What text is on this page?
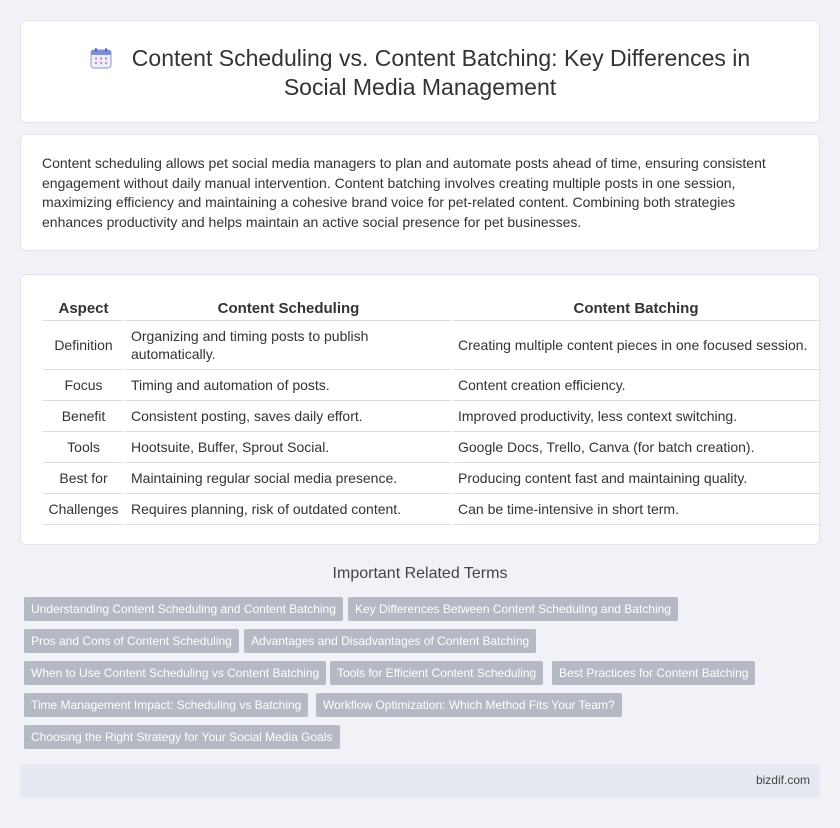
Content Scheduling vs. Content Batching: Key Differences in Social Media Management

Content scheduling allows pet social media managers to plan and automate posts ahead of time, ensuring consistent engagement without daily manual intervention. Content batching involves creating multiple posts in one session, maximizing efficiency and maintaining a cohesive brand voice for pet-related content. Combining both strategies enhances productivity and helps maintain an active social presence for pet businesses.

Aspect	Content Scheduling	Content Batching
Definition	Organizing and timing posts to publish automatically.	Creating multiple content pieces in one focused session.
Focus	Timing and automation of posts.	Content creation efficiency.
Benefit	Consistent posting, saves daily effort.	Improved productivity, less context switching.
Tools	Hootsuite, Buffer, Sprout Social.	Google Docs, Trello, Canva (for batch creation).
Best for	Maintaining regular social media presence.	Producing content fast and maintaining quality.
Challenges	Requires planning, risk of outdated content.	Can be time-intensive in short term.
Important Related Terms
Understanding Content Scheduling and Content Batching	Key Differences Between Content Scheduling and Batching
Pros and Cons of Content Scheduling	Advantages and Disadvantages of Content Batching
When to Use Content Scheduling vs Content Batching	Tools for Efficient Content Scheduling	Best Practices for Content Batching
Time Management Impact: Scheduling vs Batching	Workflow Optimization: Which Method Fits Your Team?
Choosing the Right Strategy for Your Social Media Goals
bizdif.com
